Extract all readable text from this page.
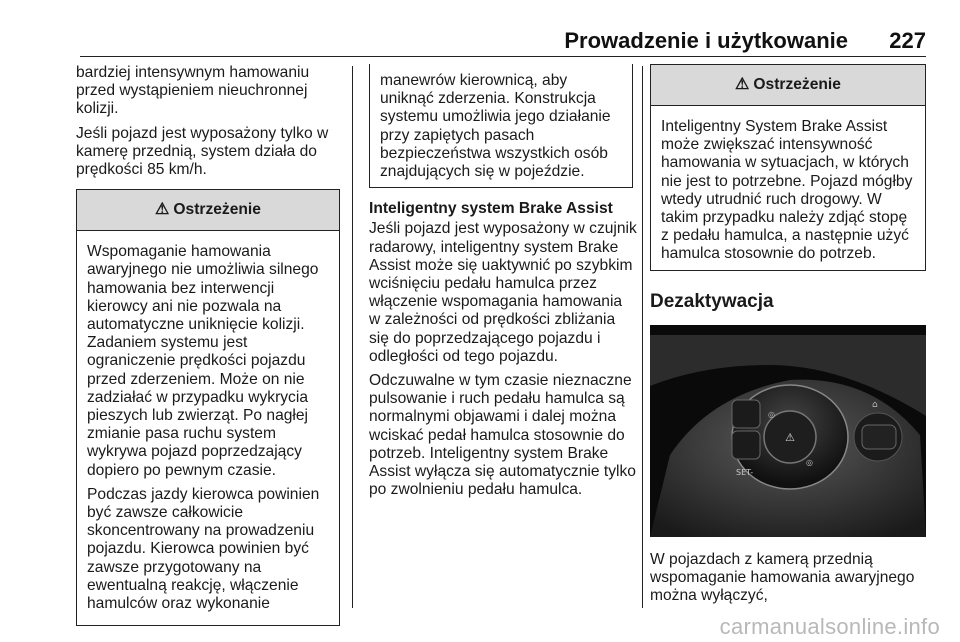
Prowadzenie i użytkowanie 227

bardziej intensywnym hamowaniu przed wystąpieniem nieuchronnej kolizji.

Jeśli pojazd jest wyposażony tylko w kamerę przednią, system działa do prędkości 85 km/h.

⚠ Ostrzeżenie

Wspomaganie hamowania awaryjnego nie umożliwia silnego hamowania bez interwencji kierowcy ani nie pozwala na automatyczne uniknięcie kolizji. Zadaniem systemu jest ograniczenie prędkości pojazdu przed zderzeniem. Może on nie zadziałać w przypadku wykrycia pieszych lub zwierząt. Po nagłej zmianie pasa ruchu system wykrywa pojazd poprzedzający dopiero po pewnym czasie.

Podczas jazdy kierowca powinien być zawsze całkowicie skoncentrowany na prowadzeniu pojazdu. Kierowca powinien być zawsze przygotowany na ewentualną reakcję, włączenie hamulców oraz wykonanie

manewrów kierownicą, aby uniknąć zderzenia. Konstrukcja systemu umożliwia jego działanie przy zapiętych pasach bezpieczeństwa wszystkich osób znajdujących się w pojeździe.

Inteligentny system Brake Assist

Jeśli pojazd jest wyposażony w czujnik radarowy, inteligentny system Brake Assist może się uaktywnić po szybkim wciśnięciu pedału hamulca przez włączenie wspomagania hamowania w zależności od prędkości zbliżania się do poprzedzającego pojazdu i odległości od tego pojazdu.

Odczuwalne w tym czasie nieznaczne pulsowanie i ruch pedału hamulca są normalnymi objawami i dalej można wciskać pedał hamulca stosownie do potrzeb. Inteligentny system Brake Assist wyłącza się automatycznie tylko po zwolnieniu pedału hamulca.

⚠ Ostrzeżenie

Inteligentny System Brake Assist może zwiększać intensywność hamowania w sytuacjach, w których nie jest to potrzebne. Pojazd mógłby wtedy utrudnić ruch drogowy. W takim przypadku należy zdjąć stopę z pedału hamulca, a następnie użyć hamulca stosownie do potrzeb.

Dezaktywacja
⚠
◎
◎
⌂
SET-

W pojazdach z kamerą przednią wspomaganie hamowania awaryjnego można wyłączyć,

carmanualsonline.info
